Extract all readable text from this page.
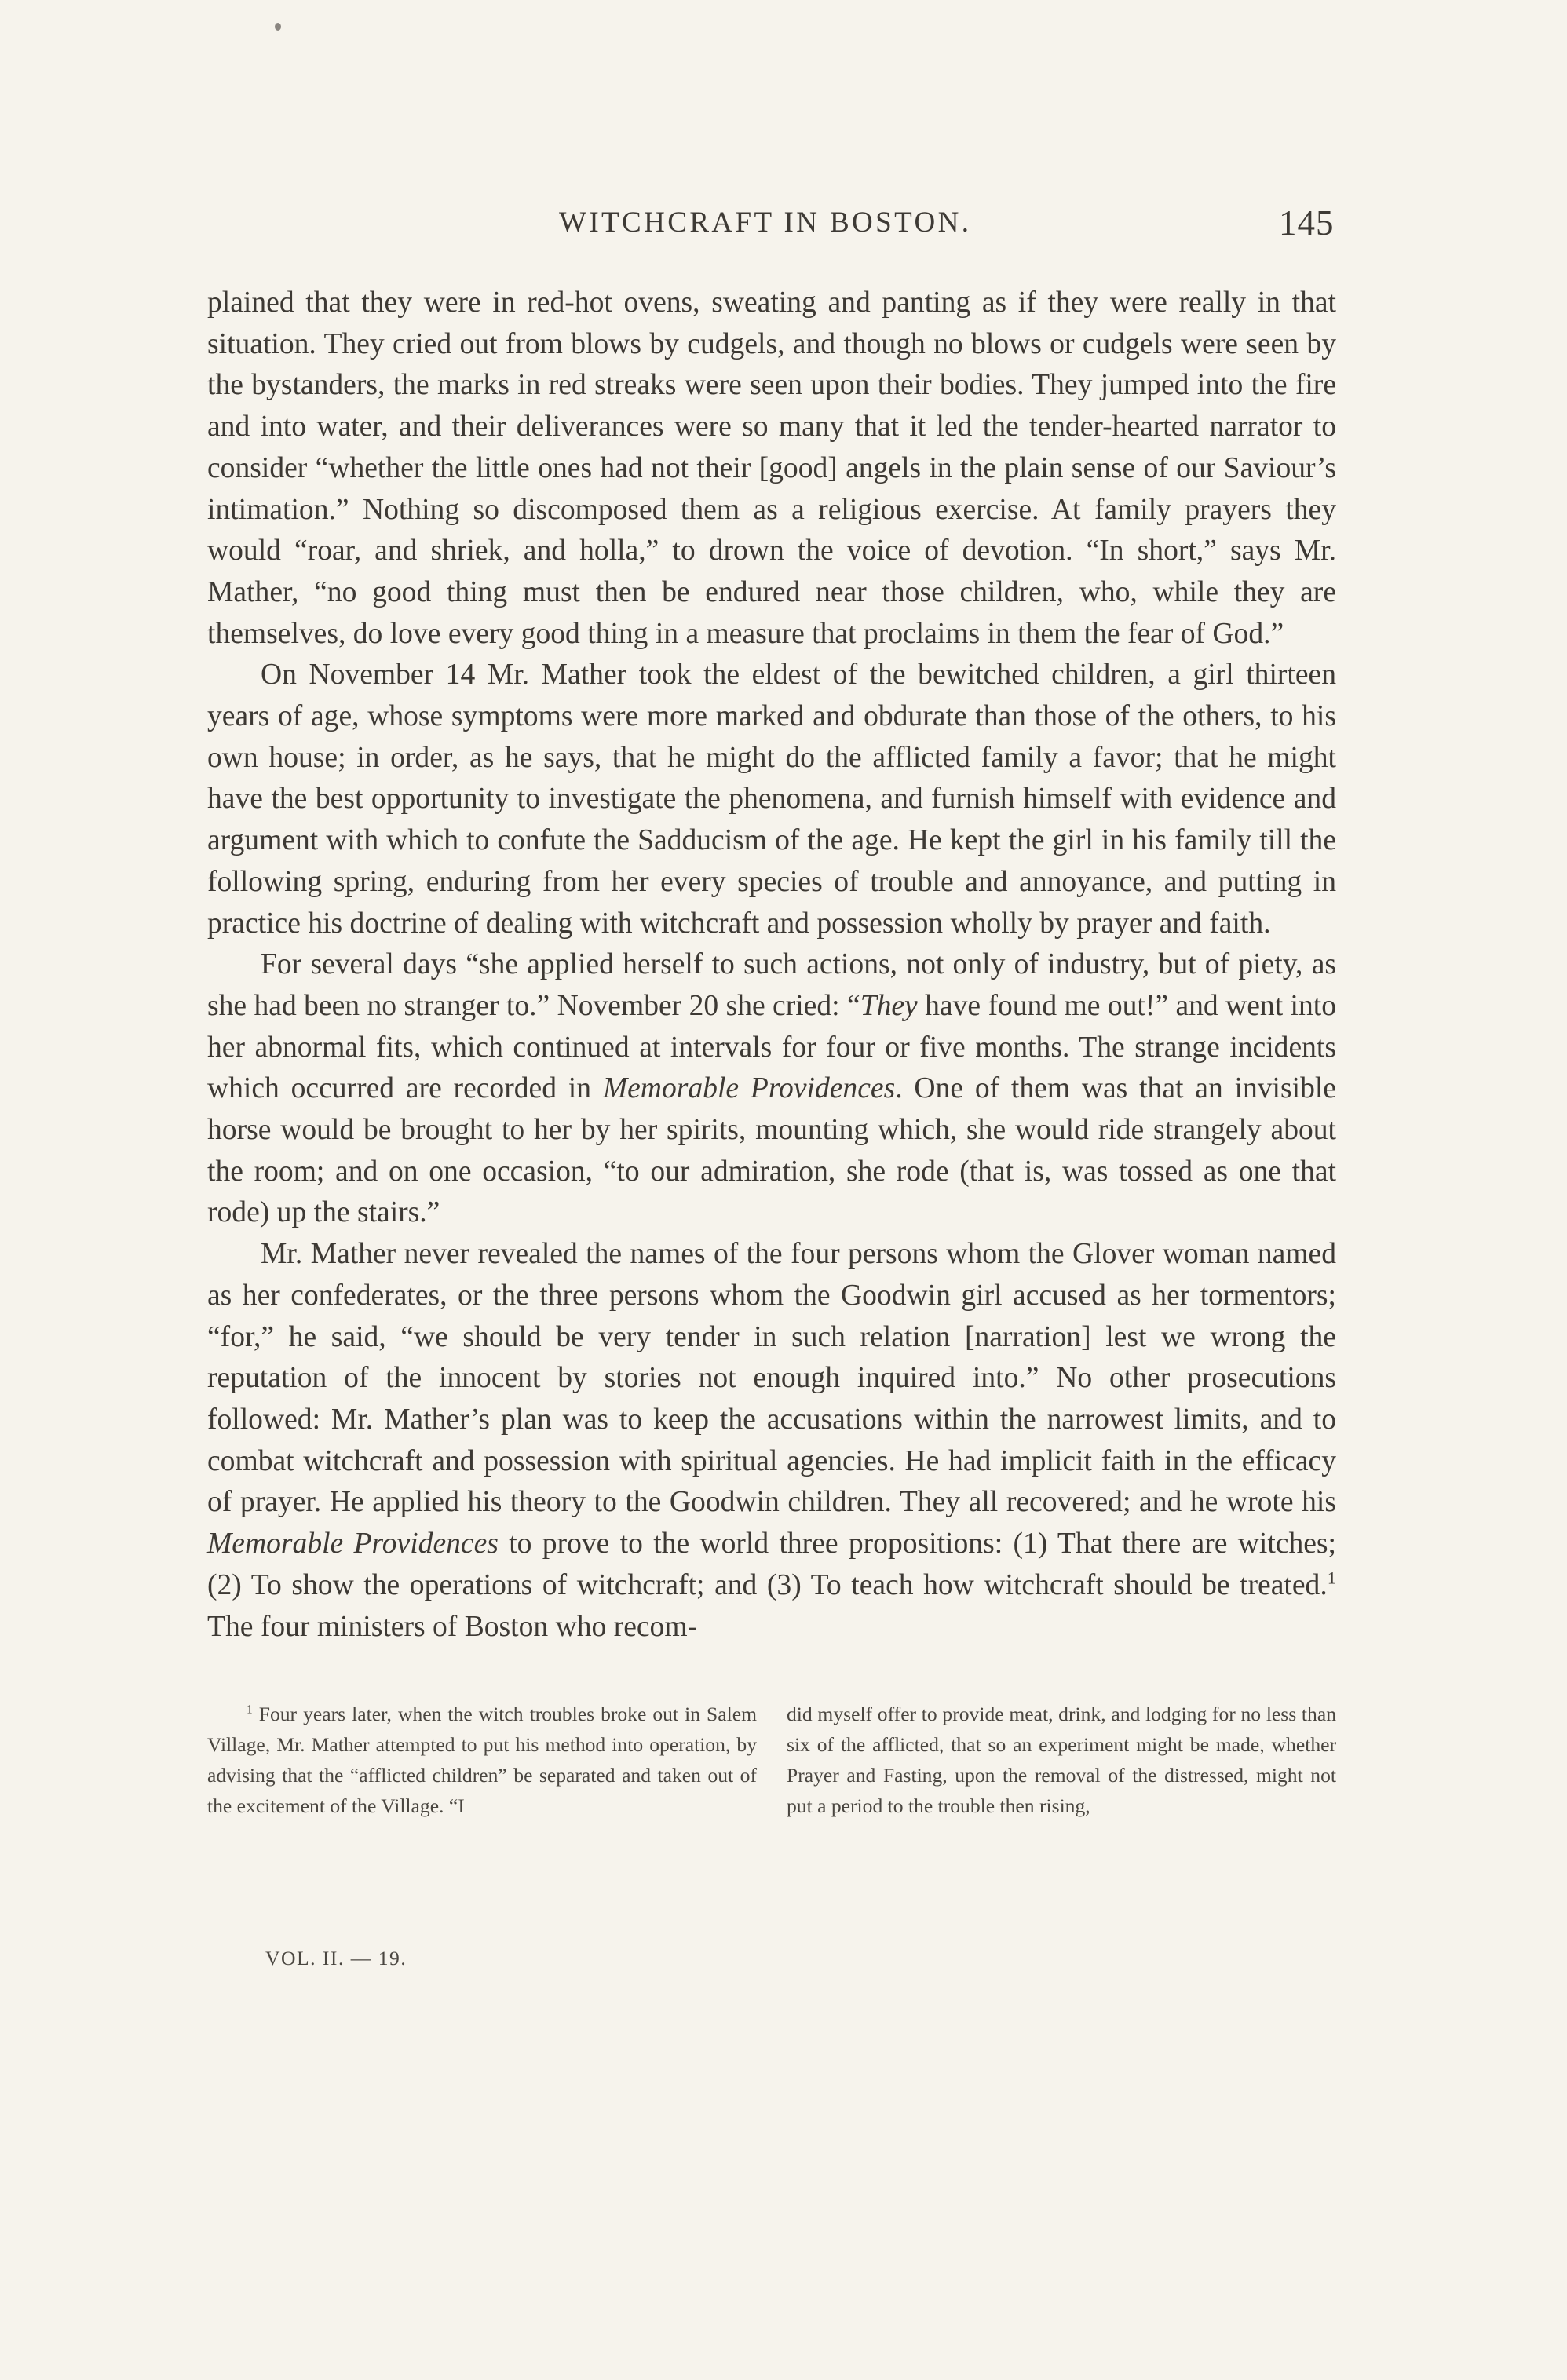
WITCHCRAFT IN BOSTON.	145

plained that they were in red-hot ovens, sweating and panting as if they were really in that situation. They cried out from blows by cudgels, and though no blows or cudgels were seen by the bystanders, the marks in red streaks were seen upon their bodies. They jumped into the fire and into water, and their deliverances were so many that it led the tender-hearted narrator to consider “whether the little ones had not their [good] angels in the plain sense of our Saviour’s intimation.” Nothing so discomposed them as a religious exercise. At family prayers they would “roar, and shriek, and holla,” to drown the voice of devotion. “In short,” says Mr. Mather, “no good thing must then be endured near those children, who, while they are themselves, do love every good thing in a measure that proclaims in them the fear of God.”

On November 14 Mr. Mather took the eldest of the bewitched children, a girl thirteen years of age, whose symptoms were more marked and obdurate than those of the others, to his own house; in order, as he says, that he might do the afflicted family a favor; that he might have the best opportunity to investigate the phenomena, and furnish himself with evidence and argument with which to confute the Sadducism of the age. He kept the girl in his family till the following spring, enduring from her every species of trouble and annoyance, and putting in practice his doctrine of dealing with witchcraft and possession wholly by prayer and faith.

For several days “she applied herself to such actions, not only of industry, but of piety, as she had been no stranger to.” November 20 she cried: “They have found me out!” and went into her abnormal fits, which continued at intervals for four or five months. The strange incidents which occurred are recorded in Memorable Providences. One of them was that an invisible horse would be brought to her by her spirits, mounting which, she would ride strangely about the room; and on one occasion, “to our admiration, she rode (that is, was tossed as one that rode) up the stairs.”

Mr. Mather never revealed the names of the four persons whom the Glover woman named as her confederates, or the three persons whom the Goodwin girl accused as her tormentors; “for,” he said, “we should be very tender in such relation [narration] lest we wrong the reputation of the innocent by stories not enough inquired into.” No other prosecutions followed: Mr. Mather’s plan was to keep the accusations within the narrowest limits, and to combat witchcraft and possession with spiritual agencies. He had implicit faith in the efficacy of prayer. He applied his theory to the Goodwin children. They all recovered; and he wrote his Memorable Providences to prove to the world three propositions: (1) That there are witches; (2) To show the operations of witchcraft; and (3) To teach how witchcraft should be treated.$^1$ The four ministers of Boston who recom-

$^1$ Four years later, when the witch troubles broke out in Salem Village, Mr. Mather attempted to put his method into operation, by advising that the “afflicted children” be separated and taken out of the excitement of the Village. “I

did myself offer to provide meat, drink, and lodging for no less than six of the afflicted, that so an experiment might be made, whether Prayer and Fasting, upon the removal of the distressed, might not put a period to the trouble then rising,

VOL. II. — 19.
